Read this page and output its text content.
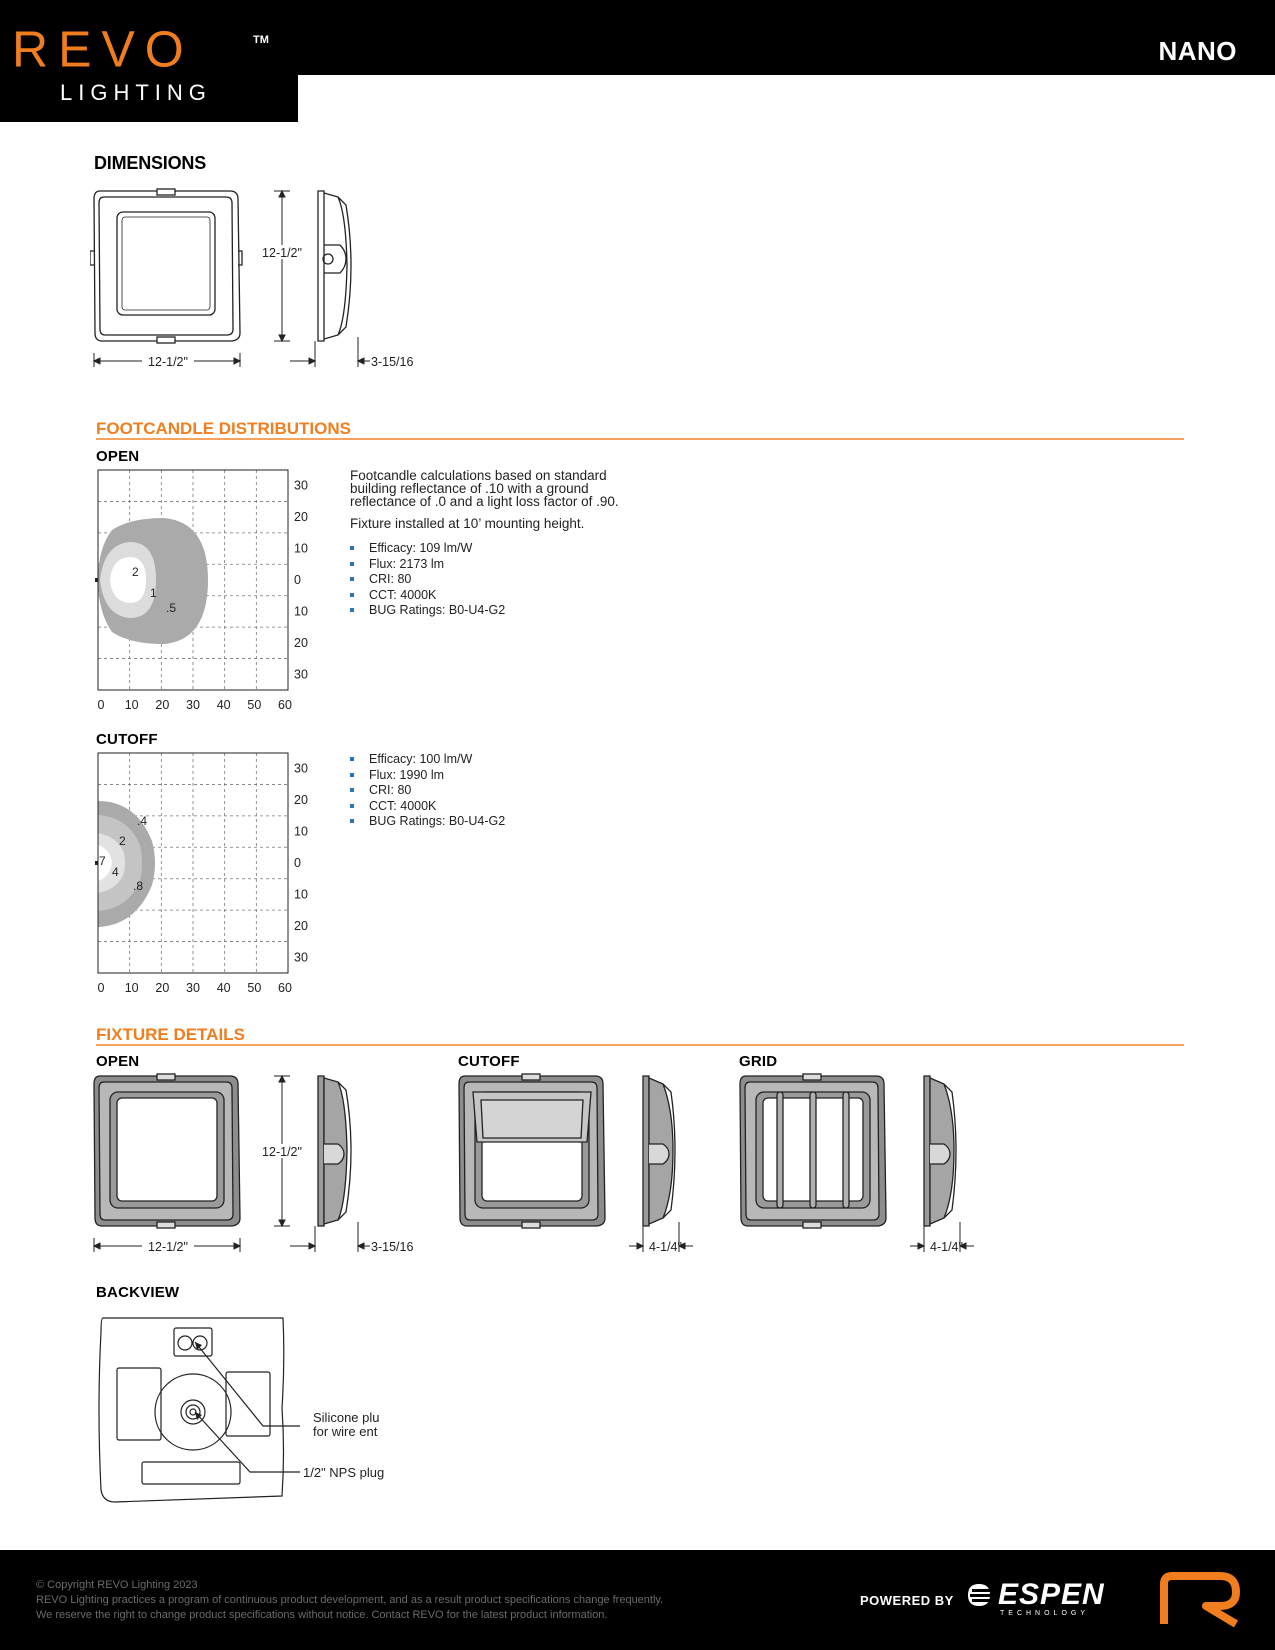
REVO	TM
LIGHTING
NANO
DIMENSIONS
12-1/2"
12-1/2"
3-15/16
FOOTCANDLE DISTRIBUTIONS
OPEN
2
1
.5
30
20
10
0
10
20
30
0 10 20 30 40 50 60
Footcandle calculations based on standard
building reflectance of .10 with a ground
reflectance of .0 and a light loss factor of .90.
Fixture installed at 10’ mounting height.
Efficacy: 109 lm/W
Flux: 2173 lm
CRI: 80
CCT: 4000K
BUG Ratings: B0-U4-G2
CUTOFF
.4
2
7
4
.8
30
20
10
0
10
20
30
0 10 20 30 40 50 60
Efficacy: 100 lm/W
Flux: 1990 lm
CRI: 80
CCT: 4000K
BUG Ratings: B0-U4-G2
FIXTURE DETAILS
OPEN	CUTOFF	GRID
12-1/2"
12-1/2"
3-15/16	4-1/4"	4-1/4"
BACKVIEW
Silicone plu
for wire ent
1/2" NPS plug
© Copyright REVO Lighting 2023
REVO Lighting practices a program of continuous product development, and as a result product specifications change frequently.
We reserve the right to change product specifications without notice. Contact REVO for the latest product information.
POWERED BY ESPEN
TECHNOLOGY
